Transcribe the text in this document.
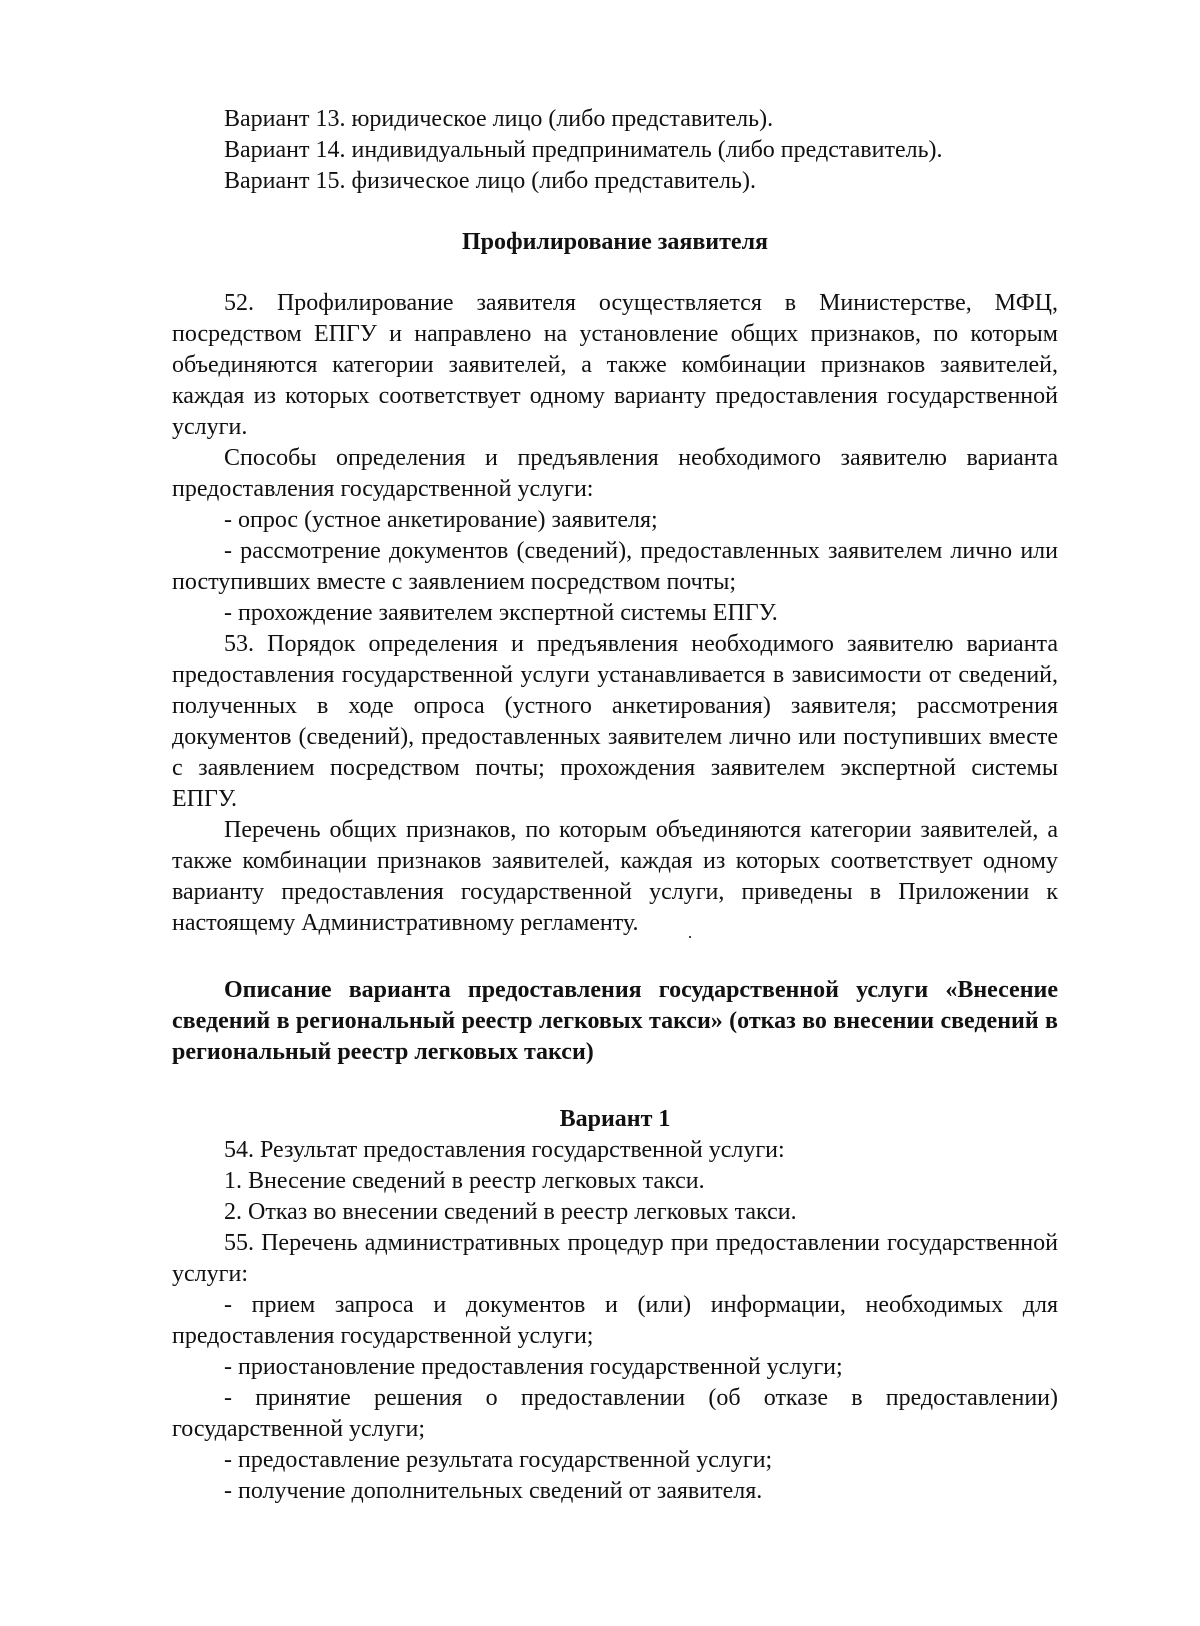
Вариант 13. юридическое лицо (либо представитель).

Вариант 14. индивидуальный предприниматель (либо представитель).

Вариант 15. физическое лицо (либо представитель).

Профилирование заявителя

52. Профилирование заявителя осуществляется в Министерстве, МФЦ, посредством ЕПГУ и направлено на установление общих признаков, по которым объединяются категории заявителей, а также комбинации признаков заявителей, каждая из которых соответствует одному варианту предоставления государственной услуги.

Способы определения и предъявления необходимого заявителю варианта предоставления государственной услуги:

- опрос (устное анкетирование) заявителя;

- рассмотрение документов (сведений), предоставленных заявителем лично или поступивших вместе с заявлением посредством почты;

- прохождение заявителем экспертной системы ЕПГУ.

53. Порядок определения и предъявления необходимого заявителю варианта предоставления государственной услуги устанавливается в зависимости от сведений, полученных в ходе опроса (устного анкетирования) заявителя; рассмотрения документов (сведений), предоставленных заявителем лично или поступивших вместе с заявлением посредством почты; прохождения заявителем экспертной системы ЕПГУ.

Перечень общих признаков, по которым объединяются категории заявителей, а также комбинации признаков заявителей, каждая из которых соответствует одному варианту предоставления государственной услуги, приведены в Приложении к настоящему Административному регламенту.

Описание варианта предоставления государственной услуги «Внесение сведений в региональный реестр легковых такси» (отказ во внесении сведений в региональный реестр легковых такси)

Вариант 1

54. Результат предоставления государственной услуги:

1. Внесение сведений в реестр легковых такси.

2. Отказ во внесении сведений в реестр легковых такси.

55. Перечень административных процедур при предоставлении государственной услуги:

- прием запроса и документов и (или) информации, необходимых для предоставления государственной услуги;

- приостановление предоставления государственной услуги;

- принятие решения о предоставлении (об отказе в предоставлении) государственной услуги;

- предоставление результата государственной услуги;

- получение дополнительных сведений от заявителя.
